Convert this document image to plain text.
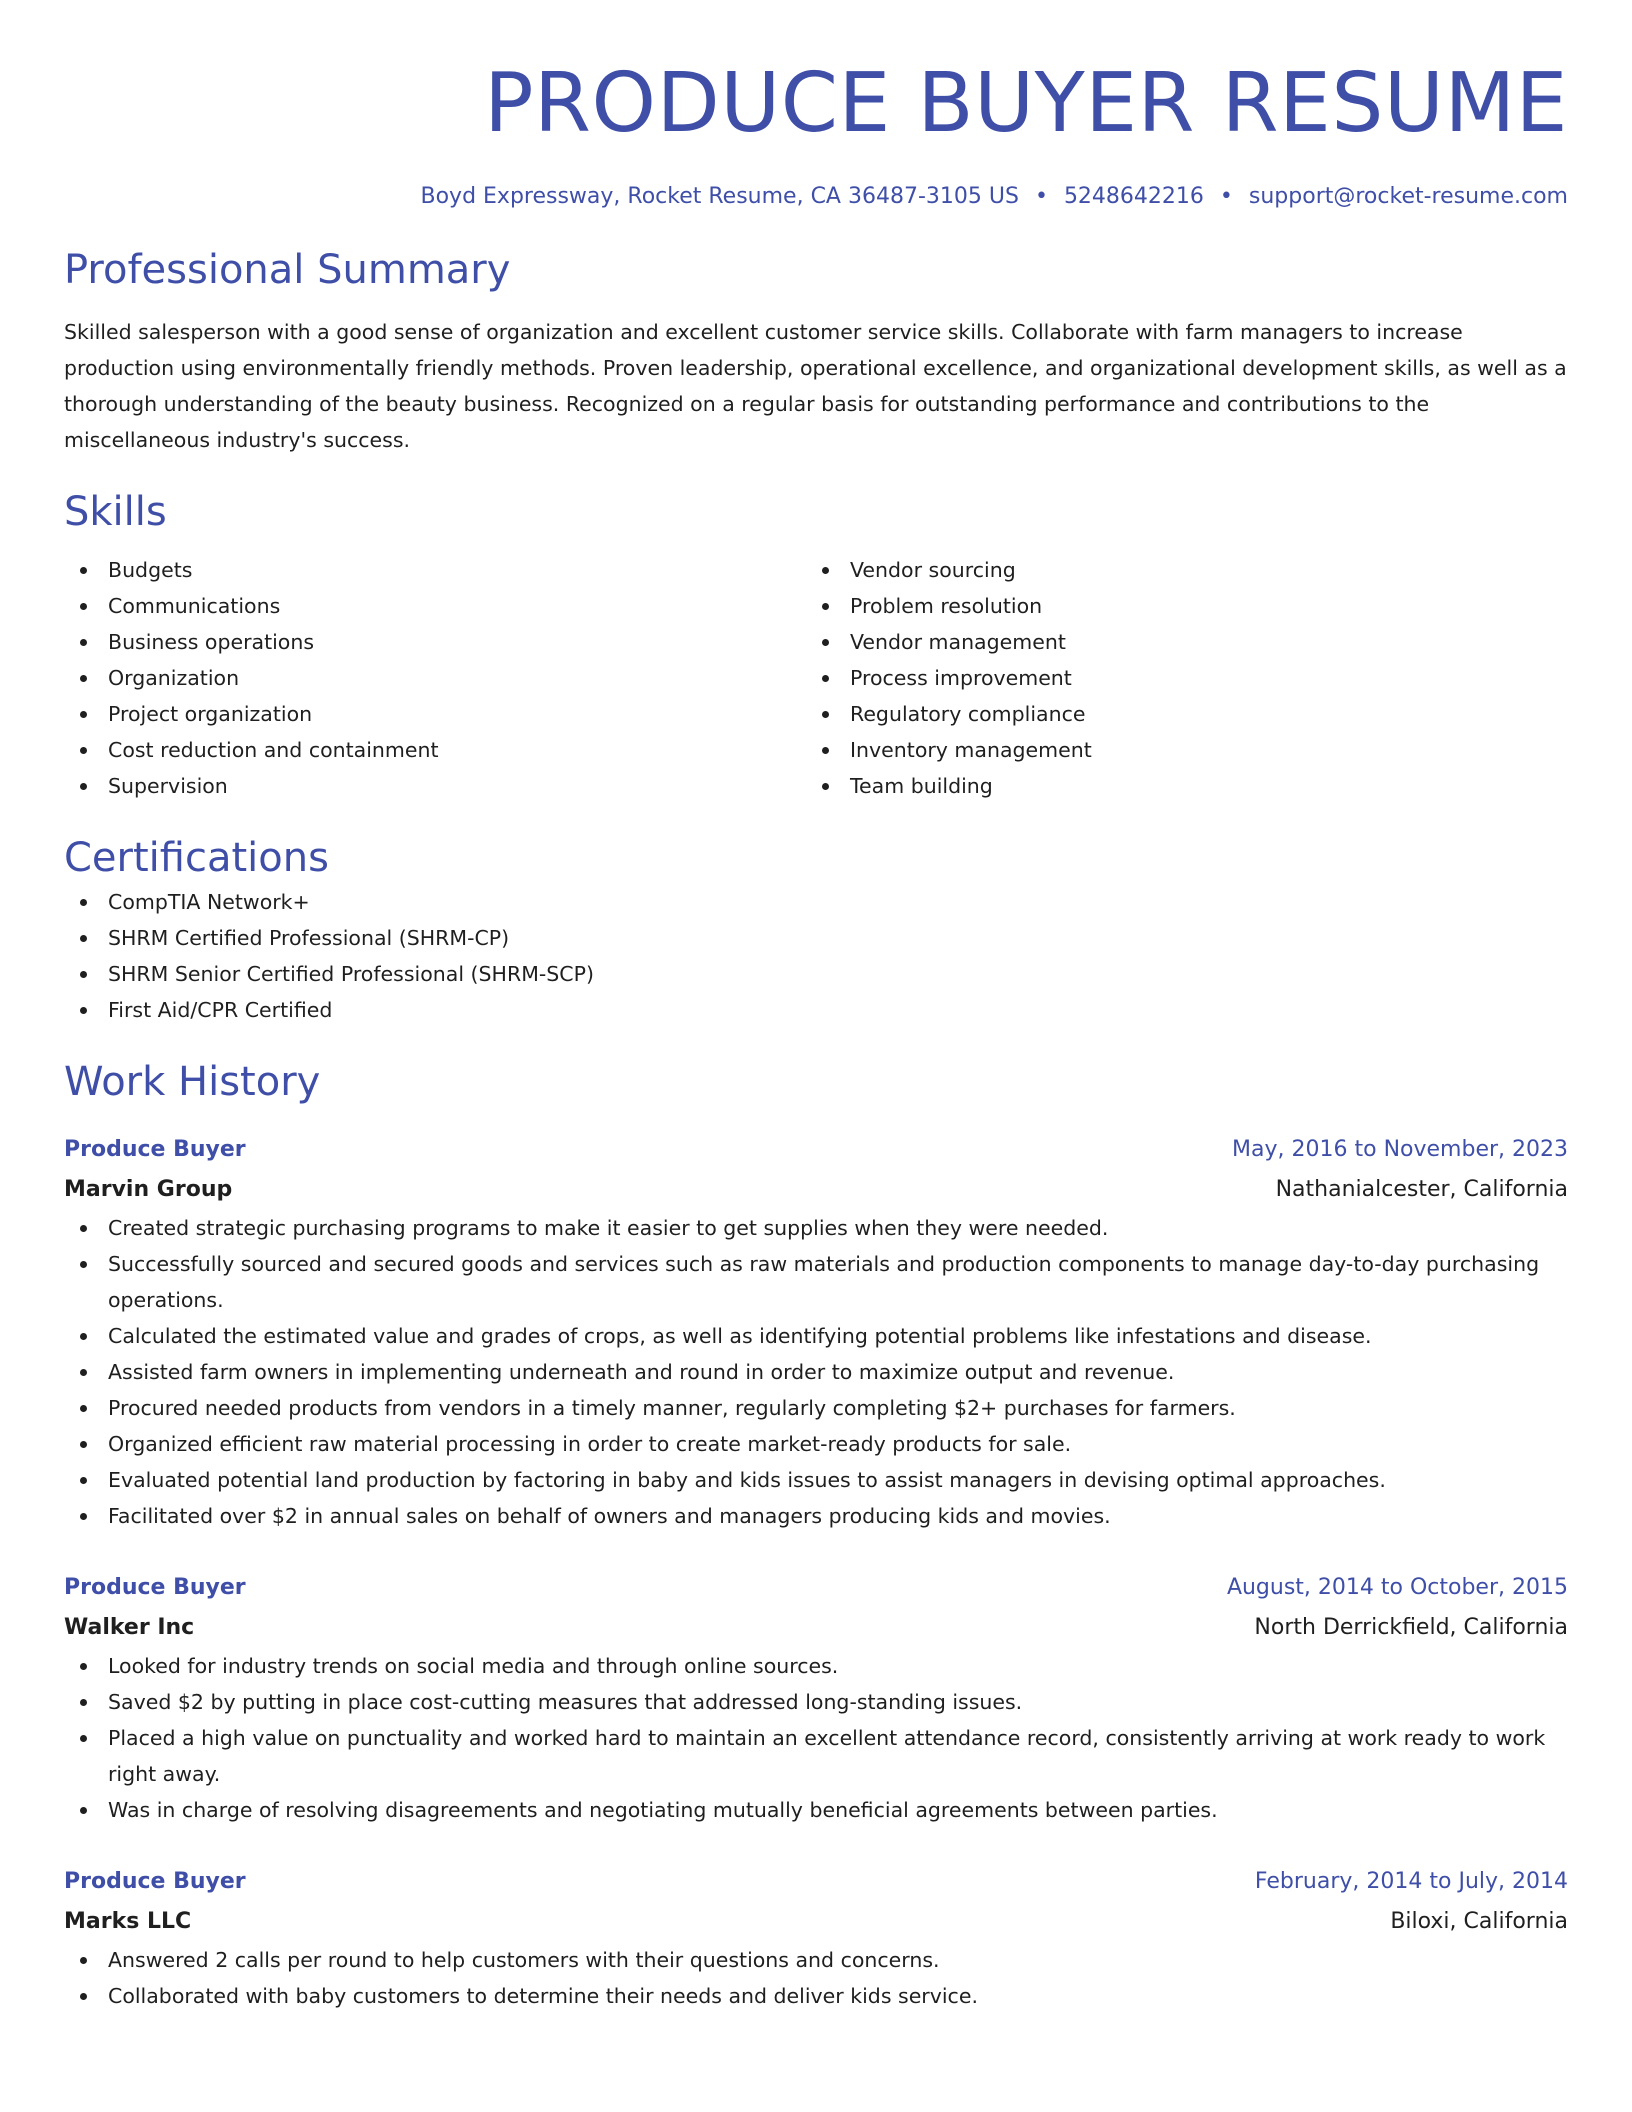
PRODUCE BUYER RESUME
Boyd Expressway, Rocket Resume, CA 36487-3105 US • 5248642216 • support@rocket-resume.com
Professional Summary
Skilled salesperson with a good sense of organization and excellent customer service skills. Collaborate with farm managers to increase production using environmentally friendly methods. Proven leadership, operational excellence, and organizational development skills, as well as a thorough understanding of the beauty business. Recognized on a regular basis for outstanding performance and contributions to the miscellaneous industry's success.
Skills
Budgets
Communications
Business operations
Organization
Project organization
Cost reduction and containment
Supervision
Vendor sourcing
Problem resolution
Vendor management
Process improvement
Regulatory compliance
Inventory management
Team building
Certifications
CompTIA Network+
SHRM Certified Professional (SHRM-CP)
SHRM Senior Certified Professional (SHRM-SCP)
First Aid/CPR Certified
Work History
Produce Buyer	May, 2016 to November, 2023
Marvin Group	Nathanialcester, California
Created strategic purchasing programs to make it easier to get supplies when they were needed.
Successfully sourced and secured goods and services such as raw materials and production components to manage day-to-day purchasing operations.
Calculated the estimated value and grades of crops, as well as identifying potential problems like infestations and disease.
Assisted farm owners in implementing underneath and round in order to maximize output and revenue.
Procured needed products from vendors in a timely manner, regularly completing $2+ purchases for farmers.
Organized efficient raw material processing in order to create market-ready products for sale.
Evaluated potential land production by factoring in baby and kids issues to assist managers in devising optimal approaches.
Facilitated over $2 in annual sales on behalf of owners and managers producing kids and movies.
Produce Buyer	August, 2014 to October, 2015
Walker Inc	North Derrickfield, California
Looked for industry trends on social media and through online sources.
Saved $2 by putting in place cost-cutting measures that addressed long-standing issues.
Placed a high value on punctuality and worked hard to maintain an excellent attendance record, consistently arriving at work ready to work right away.
Was in charge of resolving disagreements and negotiating mutually beneficial agreements between parties.
Produce Buyer	February, 2014 to July, 2014
Marks LLC	Biloxi, California
Answered 2 calls per round to help customers with their questions and concerns.
Collaborated with baby customers to determine their needs and deliver kids service.
